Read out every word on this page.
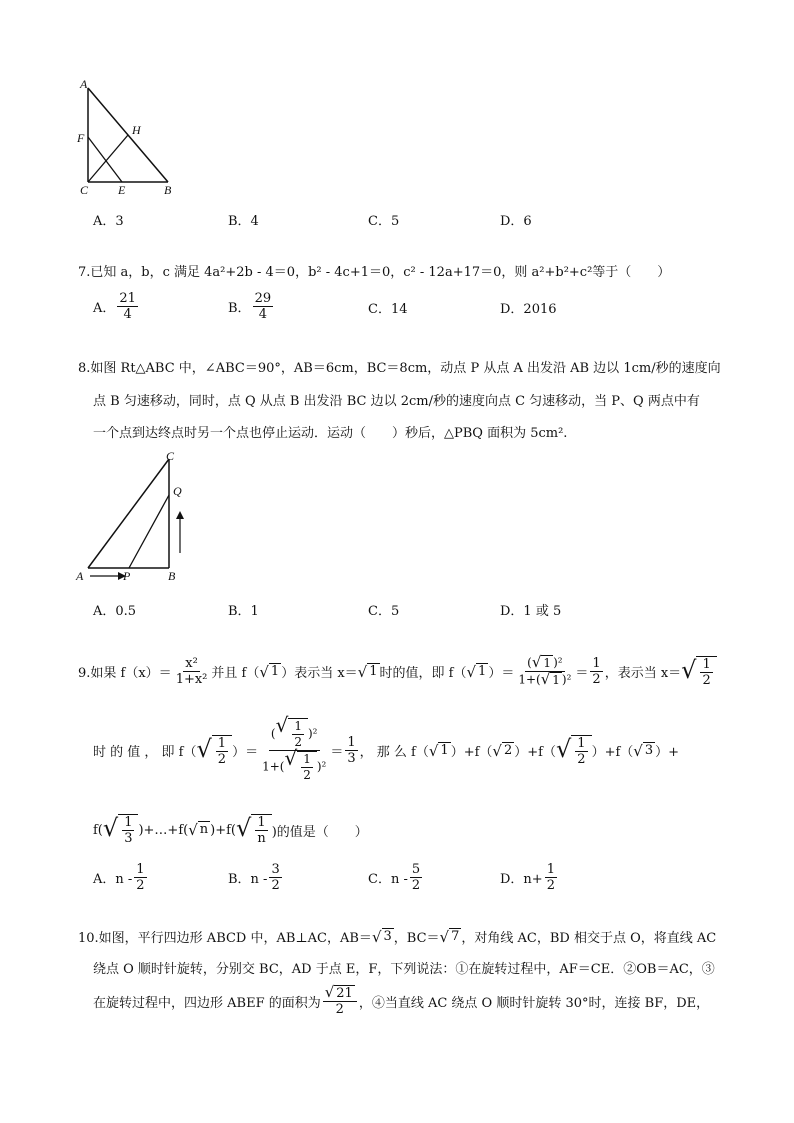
A
F
H
C E	B
A．3	B．4	C．5	D．6
7.已知 a，b，c 满足 4a²+2b - 4＝0，b² - 4c+1＝0，c² - 12a+17＝0，则 a²+b²+c²等于（　　）
A． $\frac{21}{4}$	B． $\frac{29}{4}$	C．14	D．2016
8.如图 Rt△ABC 中，∠ABC＝90°，AB＝6cm，BC＝8cm，动点 P 从点 A 出发沿 AB 边以 1cm/秒的速度向
点 B 匀速移动，同时，点 Q 从点 B 出发沿 BC 边以 2cm/秒的速度向点 C 匀速移动，当 P、Q 两点中有
一个点到达终点时另一个点也停止运动．运动（　　）秒后，△PBQ 面积为 5cm².
C
Q
A	P	B
A．0.5	B．1	C．5	D．1 或 5
9.如果 $f(x)= \frac{\text{x²}}{\text{1+x²}}$ 并且 f（ √ 1 ）表示当 x＝ √ 1 时的值，即 f（ √ 1 ）＝ $\frac{\text{( √ 1 )²}}{\text{1+( √ 1 )²}} = \frac{1}{2}$ ，表示当 x＝ √ $\frac{1}{2}$
时 的 值 ， 即 f（ √ $\frac{1}{2}$ ）＝ $\frac{( √ \frac{1}{2} )^2}{1+( √ \frac{1}{2} )^2} = \frac{1}{3}$ ， 那 么 f（ √ 1 ）+f（ √ 2 ）+f（ √ $\frac{1}{2} )+f$（ √ 3 ）+
f( √ $\frac{1}{3}$ )+…+f( √ n )+f( √ $\frac{1}{n}$ )的值是（　　）
A．n - $\frac{1}{2}$	B．n - $\frac{3}{2}$	C．n - $\frac{5}{2}$	D．$n+ \frac{1}{2}$
10.如图，平行四边形 ABCD 中，AB⊥AC，AB＝ √ 3 ，BC＝ √ 7 ，对角线 AC，BD 相交于点 O，将直线 AC
绕点 O 顺时针旋转，分别交 BC，AD 于点 E，F，下列说法：①在旋转过程中，AF＝CE．②OB＝AC，③
在旋转过程中，四边形 ABEF 的面积为 $\frac{√ 21}{2}$ ，④当直线 AC 绕点 O 顺时针旋转 30°时，连接 BF，DE，
